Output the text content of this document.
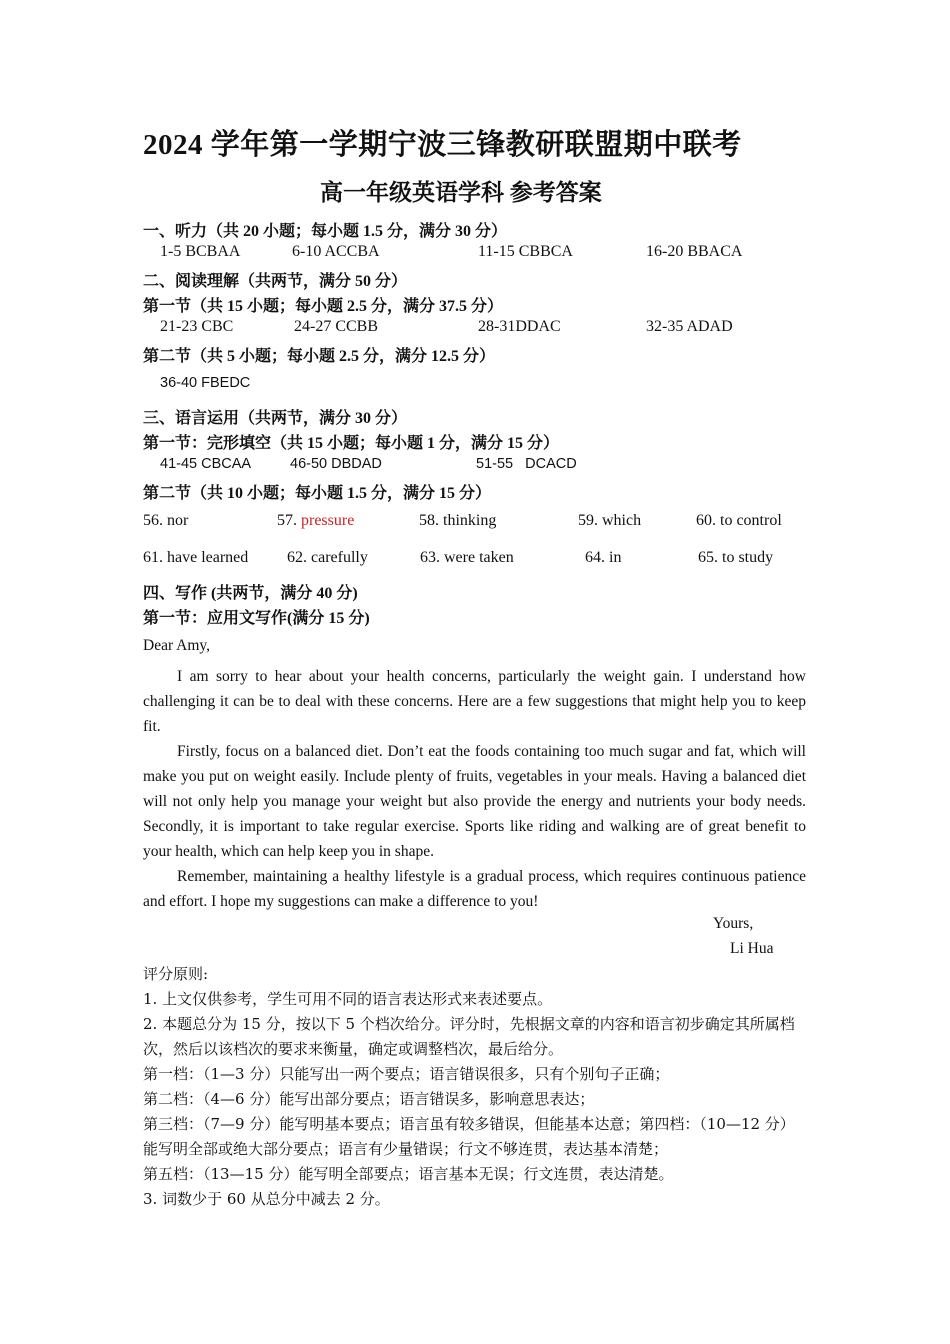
2024 学年第一学期宁波三锋教研联盟期中联考
高一年级英语学科 参考答案
一、听力（共 20 小题；每小题 1.5 分，满分 30 分）
1-5 BCBAA	6-10 ACCBA	11-15 CBBCA	16-20 BBACA
二、阅读理解（共两节，满分 50 分）
第一节（共 15 小题；每小题 2.5 分，满分 37.5 分）
21-23 CBC	24-27 CCBB	28-31DDAC	32-35 ADAD
第二节（共 5 小题；每小题 2.5 分，满分 12.5 分）
36-40 FBEDC
三、语言运用（共两节，满分 30 分）
第一节：完形填空（共 15 小题；每小题 1 分，满分 15 分）
41-45 CBCAA	46-50 DBDAD	51-55   DCACD
第二节（共 10 小题；每小题 1.5 分，满分 15 分）
56. nor	57. pressure	58. thinking	59. which	60. to control
61. have learned 62. carefully	63. were taken	64. in	65. to study
四、写作 (共两节，满分 40 分)
第一节：应用文写作(满分 15 分)

Dear Amy,

I am sorry to hear about your health concerns, particularly the weight gain. I understand how challenging it can be to deal with these concerns. Here are a few suggestions that might help you to keep fit.

Firstly, focus on a balanced diet. Don’t eat the foods containing too much sugar and fat, which will make you put on weight easily. Include plenty of fruits, vegetables in your meals. Having a balanced diet will not only help you manage your weight but also provide the energy and nutrients your body needs. Secondly, it is important to take regular exercise. Sports like riding and walking are of great benefit to your health, which can help keep you in shape.

Remember, maintaining a healthy lifestyle is a gradual process, which requires continuous patience and effort. I hope my suggestions can make a difference to you!

Yours,
Li Hua
评分原则:
1. 上文仅供参考，学生可用不同的语言表达形式来表述要点。
2. 本题总分为 15 分，按以下 5 个档次给分。评分时，先根据文章的内容和语言初步确定其所属档次，然后以该档次的要求来衡量，确定或调整档次，最后给分。
第一档：（1—3 分）只能写出一两个要点；语言错误很多，只有个别句子正确；
第二档：（4—6 分）能写出部分要点；语言错误多，影响意思表达；
第三档：（7—9 分）能写明基本要点；语言虽有较多错误，但能基本达意；第四档：（10—12 分）能写明全部或绝大部分要点；语言有少量错误；行文不够连贯，表达基本清楚；
第五档：（13—15 分）能写明全部要点；语言基本无误；行文连贯，表达清楚。
3. 词数少于 60 从总分中减去 2 分。
